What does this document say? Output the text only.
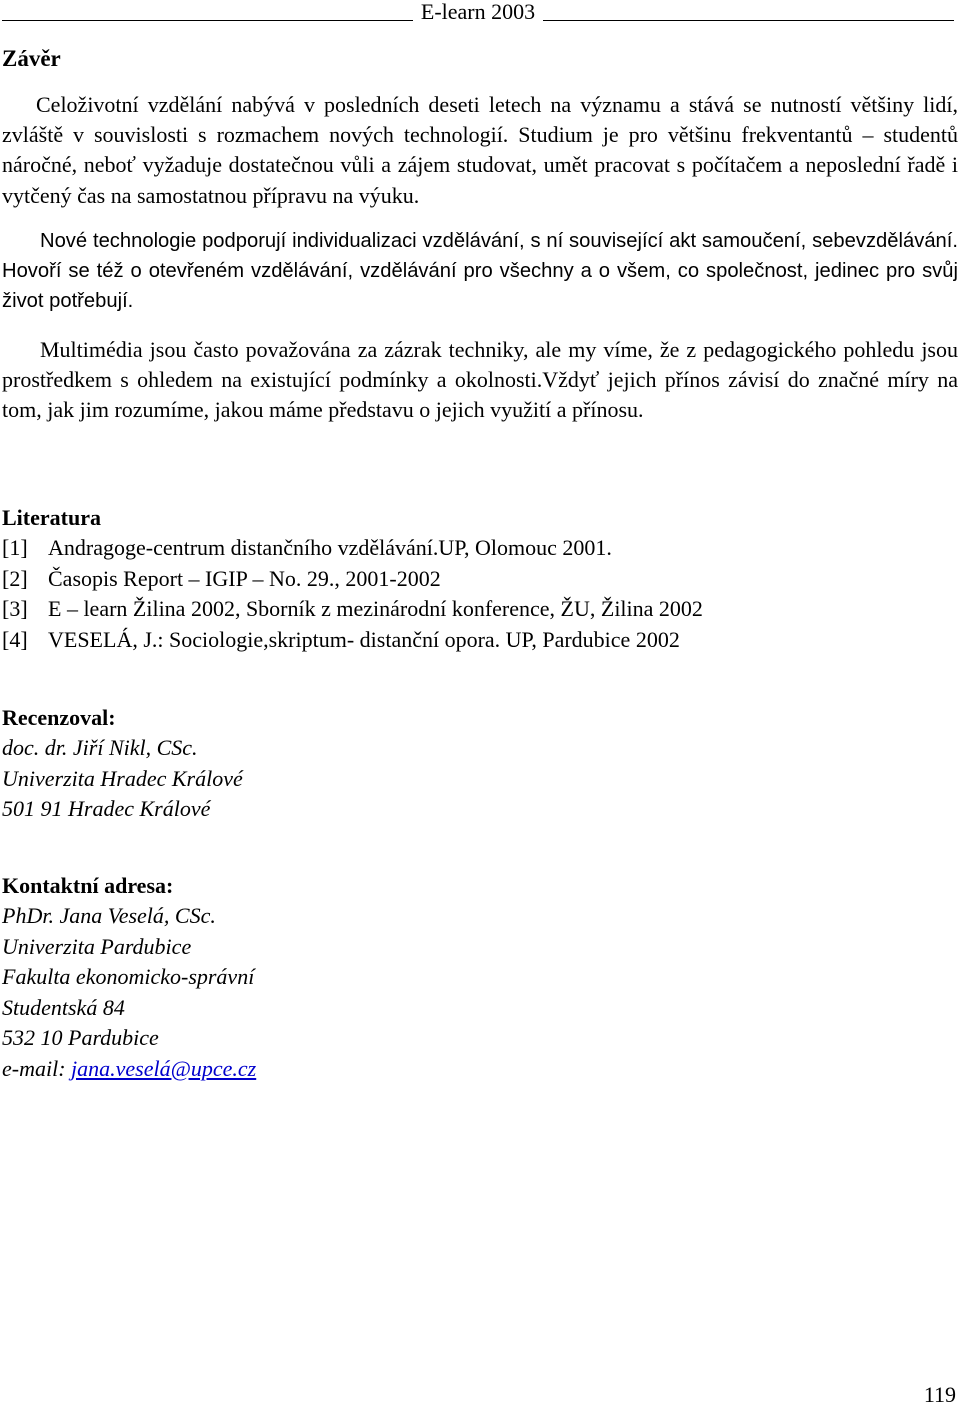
E-learn 2003
Závěr

Celoživotní vzdělání nabývá v posledních deseti letech na významu a stává se nutností většiny lidí, zvláště v souvislosti s rozmachem nových technologií. Studium je pro většinu frekventantů – studentů náročné, neboť vyžaduje dostatečnou vůli a zájem studovat, umět pracovat s počítačem a neposlední řadě i vytčený čas na samostatnou přípravu na výuku.

Nové technologie podporují individualizaci vzdělávání, s ní související akt samoučení, sebevzdělávání. Hovoří se též o otevřeném vzdělávání, vzdělávání pro všechny a o všem, co společnost, jedinec pro svůj život potřebují.

Multimédia jsou často považována za zázrak techniky, ale my víme, že z pedagogického pohledu jsou prostředkem s ohledem na existující podmínky a okolnosti.Vždyť jejich přínos závisí do značné míry na tom, jak jim rozumíme, jakou máme představu o jejich využití a přínosu.

Literatura
[1] Andragoge-centrum distančního vzdělávání.UP, Olomouc 2001.
[2] Časopis Report – IGIP – No. 29., 2001-2002
[3] E – learn Žilina 2002, Sborník z mezinárodní konference, ŽU, Žilina 2002
[4] VESELÁ, J.: Sociologie,skriptum- distanční opora. UP, Pardubice 2002
Recenzoval:
doc. dr. Jiří Nikl, CSc.
Univerzita Hradec Králové
501 91 Hradec Králové
Kontaktní adresa:
PhDr. Jana Veselá, CSc.
Univerzita Pardubice
Fakulta ekonomicko-správní
Studentská 84
532 10 Pardubice
e-mail: jana.veselá@upce.cz
119
